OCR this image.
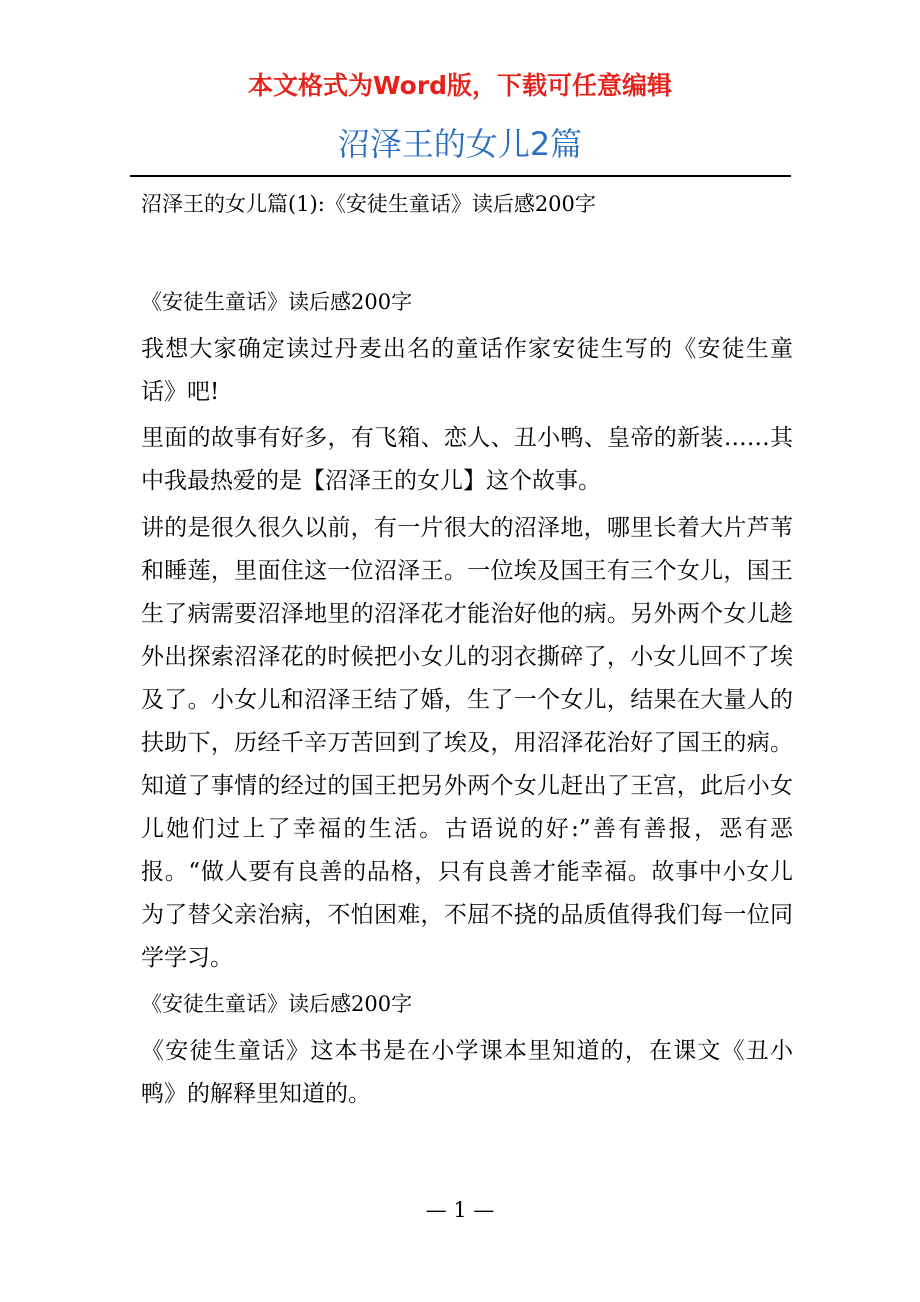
本文格式为Word版，下载可任意编辑
沼泽王的女儿2篇
沼泽王的女儿篇(1):《安徒生童话》读后感200字

《安徒生童话》读后感200字

我想大家确定读过丹麦出名的童话作家安徒生写的《安徒生童话》吧!

里面的故事有好多，有飞箱、恋人、丑小鸭、皇帝的新装……其中我最热爱的是【沼泽王的女儿】这个故事。

讲的是很久很久以前，有一片很大的沼泽地，哪里长着大片芦苇和睡莲，里面住这一位沼泽王。一位埃及国王有三个女儿，国王生了病需要沼泽地里的沼泽花才能治好他的病。另外两个女儿趁外出探索沼泽花的时候把小女儿的羽衣撕碎了，小女儿回不了埃及了。小女儿和沼泽王结了婚，生了一个女儿，结果在大量人的扶助下，历经千辛万苦回到了埃及，用沼泽花治好了国王的病。知道了事情的经过的国王把另外两个女儿赶出了王宫，此后小女儿她们过上了幸福的生活。古语说的好:”善有善报，恶有恶报。“做人要有良善的品格，只有良善才能幸福。故事中小女儿为了替父亲治病，不怕困难，不屈不挠的品质值得我们每一位同学学习。

《安徒生童话》读后感200字

《安徒生童话》这本书是在小学课本里知道的，在课文《丑小鸭》的解释里知道的。

— 1 —
